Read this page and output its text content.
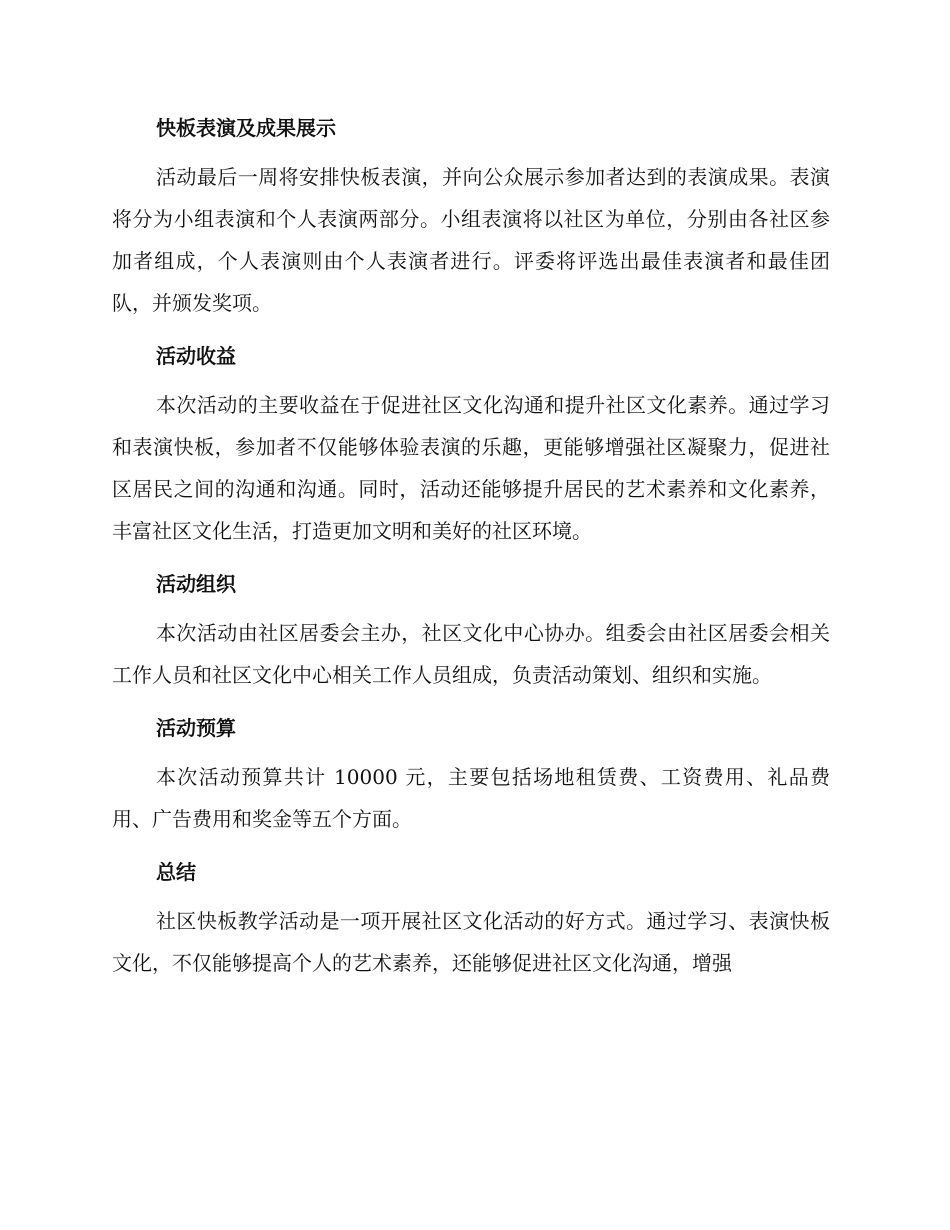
快板表演及成果展示

活动最后一周将安排快板表演，并向公众展示参加者达到的表演成果。表演将分为小组表演和个人表演两部分。小组表演将以社区为单位，分别由各社区参加者组成，个人表演则由个人表演者进行。评委将评选出最佳表演者和最佳团队，并颁发奖项。

活动收益

本次活动的主要收益在于促进社区文化沟通和提升社区文化素养。通过学习和表演快板，参加者不仅能够体验表演的乐趣，更能够增强社区凝聚力，促进社区居民之间的沟通和沟通。同时，活动还能够提升居民的艺术素养和文化素养，丰富社区文化生活，打造更加文明和美好的社区环境。

活动组织

本次活动由社区居委会主办，社区文化中心协办。组委会由社区居委会相关工作人员和社区文化中心相关工作人员组成，负责活动策划、组织和实施。

活动预算

本次活动预算共计 10000 元，主要包括场地租赁费、工资费用、礼品费用、广告费用和奖金等五个方面。

总结

社区快板教学活动是一项开展社区文化活动的好方式。通过学习、表演快板文化，不仅能够提高个人的艺术素养，还能够促进社区文化沟通，增强
